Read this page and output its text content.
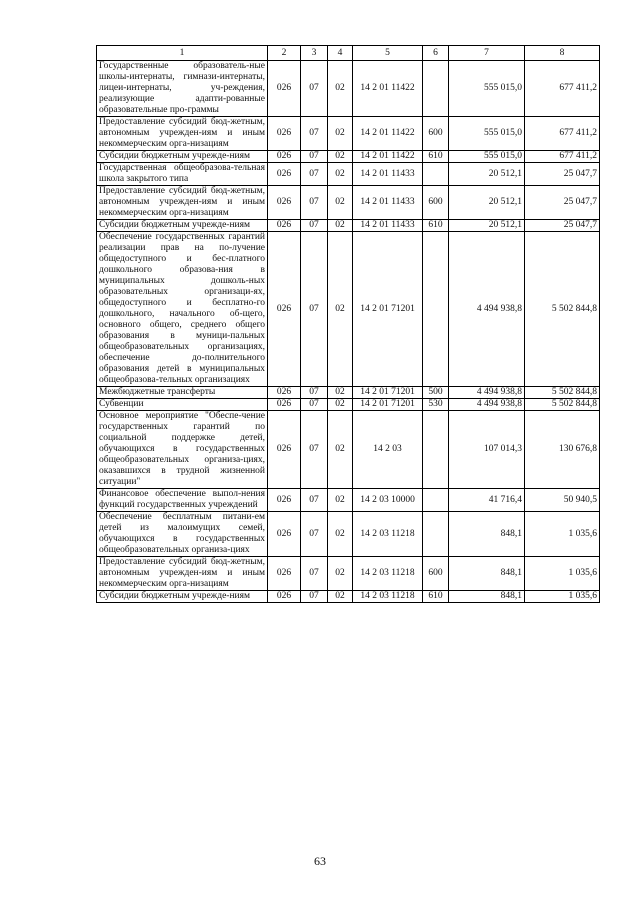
1	2	3	4	5	6	7	8
Государственные образователь-ные школы-интернаты, гимнази-интернаты, лицеи-интернаты, уч-реждения, реализующие адапти-рованные образовательные про-граммы	026	07	02	14 2 01 11422		555 015,0	677 411,2
Предоставление субсидий бюд-жетным, автономным учрежден-иям и иным некоммерческим орга-низациям	026	07	02	14 2 01 11422	600	555 015,0	677 411,2
Субсидии бюджетным учрежде-ниям	026	07	02	14 2 01 11422	610	555 015,0	677 411,2
Государственная общеобразова-тельная школа закрытого типа	026	07	02	14 2 01 11433		20 512,1	25 047,7
Предоставление субсидий бюд-жетным, автономным учрежден-иям и иным некоммерческим орга-низациям	026	07	02	14 2 01 11433	600	20 512,1	25 047,7
Субсидии бюджетным учрежде-ниям	026	07	02	14 2 01 11433	610	20 512,1	25 047,7
Обеспечение государственных гарантий реализации прав на по-лучение общедоступного и бес-платного дошкольного образова-ния в муниципальных дошколь-ных образовательных организаци-ях, общедоступного и бесплатно-го дошкольного, начального об-щего, основного общего, среднего общего образования в муници-пальных общеобразовательных организациях, обеспечение до-полнительного образования детей в муниципальных общеобразова-тельных организациях	026	07	02	14 2 01 71201		4 494 938,8	5 502 844,8
Межбюджетные трансферты	026	07	02	14 2 01 71201	500	4 494 938,8	5 502 844,8
Субвенции	026	07	02	14 2 01 71201	530	4 494 938,8	5 502 844,8
Основное мероприятие "Обеспе-чение государственных гарантий по социальной поддержке детей, обучающихся в государственных общеобразовательных организа-циях, оказавшихся в трудной жизненной ситуации"	026	07	02	14 2 03		107 014,3	130 676,8
Финансовое обеспечение выпол-нения функций государственных учреждений	026	07	02	14 2 03 10000		41 716,4	50 940,5
Обеспечение бесплатным питани-ем детей из малоимущих семей, обучающихся в государственных общеобразовательных организа-циях	026	07	02	14 2 03 11218		848,1	1 035,6
Предоставление субсидий бюд-жетным, автономным учрежден-иям и иным некоммерческим орга-низациям	026	07	02	14 2 03 11218	600	848,1	1 035,6
Субсидии бюджетным учрежде-ниям	026	07	02	14 2 03 11218	610	848,1	1 035,6
63
